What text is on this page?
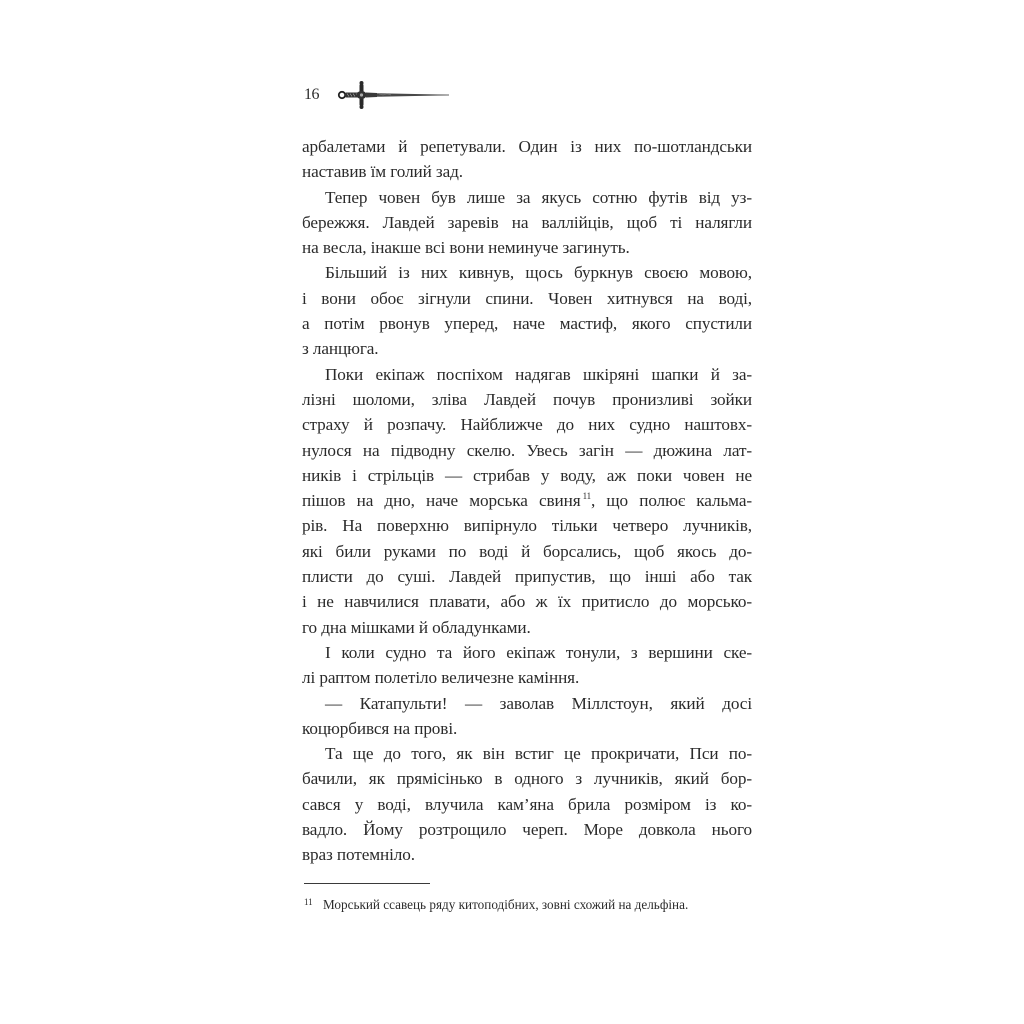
16
арбалетами й репетували. Один із них по-шотландськи
наставив їм голий зад.
Тепер човен був лише за якусь сотню футів від уз-
бережжя. Лавдей заревів на валлійців, щоб ті налягли
на весла, інакше всі вони неминуче загинуть.
Більший із них кивнув, щось буркнув своєю мовою,
і вони обоє зігнули спини. Човен хитнувся на воді,
а потім рвонув уперед, наче мастиф, якого спустили
з ланцюга.
Поки екіпаж поспіхом надягав шкіряні шапки й за-
лізні шоломи, зліва Лавдей почув пронизливі зойки
страху й розпачу. Найближче до них судно наштовх-
нулося на підводну скелю. Увесь загін — дюжина лат-
ників і стрільців — стрибав у воду, аж поки човен не
пішов на дно, наче морська свиня $^{11}$, що полює кальма-
рів. На поверхню випірнуло тільки четверо лучників,
які били руками по воді й борсались, щоб якось до-
плисти до суші. Лавдей припустив, що інші або так
і не навчилися плавати, або ж їх притисло до морсько-
го дна мішками й обладунками.
І коли судно та його екіпаж тонули, з вершини ске-
лі раптом полетіло величезне каміння.
— Катапульти! — заволав Міллстоун, який досі
коцюрбився на прові.
Та ще до того, як він встиг це прокричати, Пси по-
бачили, як прямісінько в одного з лучників, який бор-
сався у воді, влучила кам’яна брила розміром із ко-
вадло. Йому розтрощило череп. Море довкола нього
враз потемніло.
11 Морський ссавець ряду китоподібних, зовні схожий на дельфіна.
